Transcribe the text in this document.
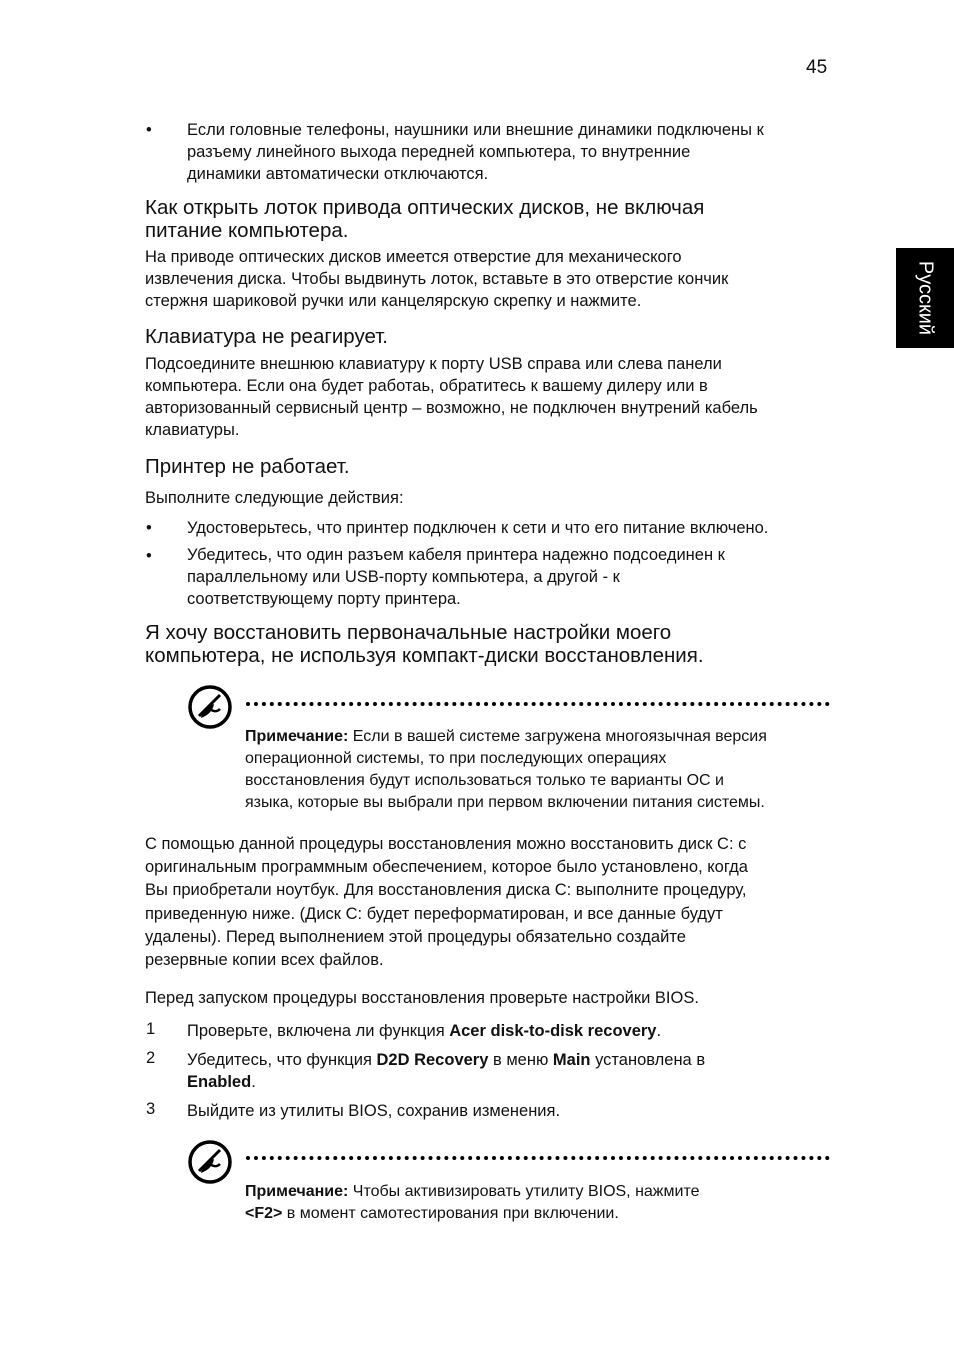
45
Русский
• Если головные телефоны, наушники или внешние динамики подключены к
разъему линейного выхода передней компьютера, то внутренние
динамики автоматически отключаются.
Как открыть лоток привода оптических дисков, не включая
питание компьютера.
На приводе оптических дисков имеется отверстие для механического
извлечения диска. Чтобы выдвинуть лоток, вставьте в это отверстие кончик
стержня шариковой ручки или канцелярскую скрепку и нажмите.
Клавиатура не реагирует.
Подсоедините внешнюю клавиатуру к порту USB справа или слева панели
компьютера. Если она будет работаь, обратитесь к вашему дилеру или в
авторизованный сервисный центр – возможно, не подключен внутрений кабель
клавиатуры.
Принтер не работает.
Выполните следующие действия:
• Удостоверьтесь, что принтер подключен к сети и что его питание включено.
• Убедитесь, что один разъем кабеля принтера надежно подсоединен к
параллельному или USB-порту компьютера, а другой - к
соответствующему порту принтера.
Я хочу восстановить первоначальные настройки моего
компьютера, не используя компакт-диски восстановления.
Примечание: Если в вашей системе загружена многоязычная версия
операционной системы, то при последующих операциях
восстановления будут использоваться только те варианты ОС и
языка, которые вы выбрали при первом включении питания системы.
С помощью данной процедуры восстановления можно восстановить диск C: с
оригинальным программным обеспечением, которое было установлено, когда
Вы приобретали ноутбук. Для восстановления диска C: выполните процедуру,
приведенную ниже. (Диск C: будет переформатирован, и все данные будут
удалены). Перед выполнением этой процедуры обязательно создайте
резервные копии всех файлов.
Перед запуском процедуры восстановления проверьте настройки BIOS.
1 Проверьте, включена ли функция Acer disk-to-disk recovery.
2 Убедитесь, что функция D2D Recovery в меню Main установлена в
Enabled.
3 Выйдите из утилиты BIOS, сохранив изменения.
Примечание: Чтобы активизировать утилиту BIOS, нажмите
<F2> в момент самотестирования при включении.
